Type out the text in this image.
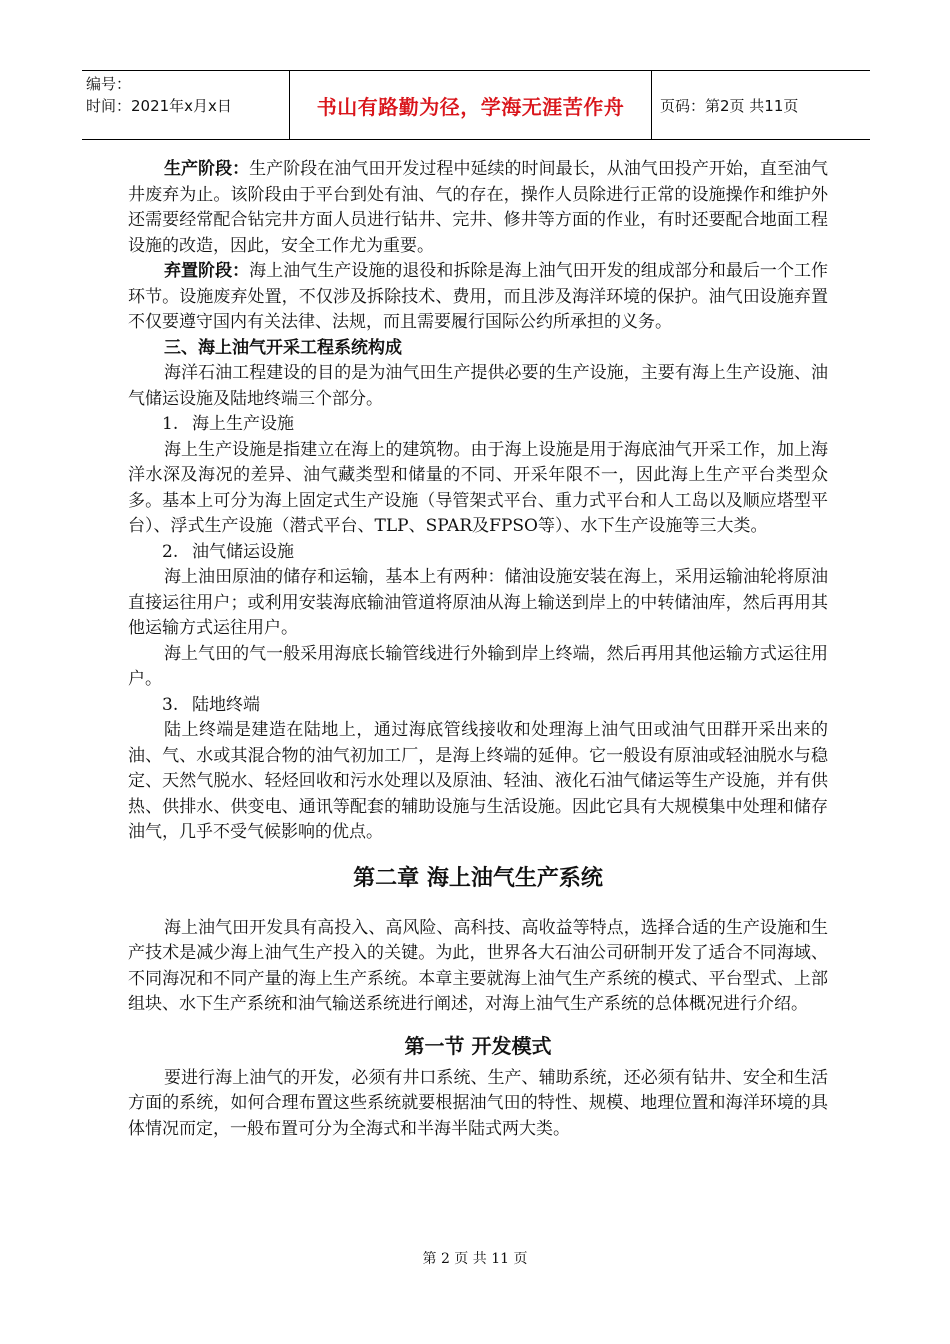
编号：
时间：2021年x月x日	书山有路勤为径，学海无涯苦作舟	页码：第2页 共11页

生产阶段：生产阶段在油气田开发过程中延续的时间最长，从油气田投产开始，直至油气井废弃为止。该阶段由于平台到处有油、气的存在，操作人员除进行正常的设施操作和维护外还需要经常配合钻完井方面人员进行钻井、完井、修井等方面的作业，有时还要配合地面工程设施的改造，因此，安全工作尤为重要。

弃置阶段：海上油气生产设施的退役和拆除是海上油气田开发的组成部分和最后一个工作环节。设施废弃处置，不仅涉及拆除技术、费用，而且涉及海洋环境的保护。油气田设施弃置不仅要遵守国内有关法律、法规，而且需要履行国际公约所承担的义务。

三、海上油气开采工程系统构成

海洋石油工程建设的目的是为油气田生产提供必要的生产设施，主要有海上生产设施、油气储运设施及陆地终端三个部分。

1. 海上生产设施

海上生产设施是指建立在海上的建筑物。由于海上设施是用于海底油气开采工作，加上海洋水深及海况的差异、油气藏类型和储量的不同、开采年限不一，因此海上生产平台类型众多。基本上可分为海上固定式生产设施（导管架式平台、重力式平台和人工岛以及顺应塔型平台）、浮式生产设施（潜式平台、TLP、SPAR及FPSO等）、水下生产设施等三大类。

2. 油气储运设施

海上油田原油的储存和运输，基本上有两种：储油设施安装在海上，采用运输油轮将原油直接运往用户；或利用安装海底输油管道将原油从海上输送到岸上的中转储油库，然后再用其他运输方式运往用户。

海上气田的气一般采用海底长输管线进行外输到岸上终端，然后再用其他运输方式运往用户。

3. 陆地终端

陆上终端是建造在陆地上，通过海底管线接收和处理海上油气田或油气田群开采出来的油、气、水或其混合物的油气初加工厂，是海上终端的延伸。它一般设有原油或轻油脱水与稳定、天然气脱水、轻烃回收和污水处理以及原油、轻油、液化石油气储运等生产设施，并有供热、供排水、供变电、通讯等配套的辅助设施与生活设施。因此它具有大规模集中处理和储存油气，几乎不受气候影响的优点。

第二章 海上油气生产系统

海上油气田开发具有高投入、高风险、高科技、高收益等特点，选择合适的生产设施和生产技术是减少海上油气生产投入的关键。为此，世界各大石油公司研制开发了适合不同海域、不同海况和不同产量的海上生产系统。本章主要就海上油气生产系统的模式、平台型式、上部组块、水下生产系统和油气输送系统进行阐述，对海上油气生产系统的总体概况进行介绍。

第一节 开发模式

要进行海上油气的开发，必须有井口系统、生产、辅助系统，还必须有钻井、安全和生活方面的系统，如何合理布置这些系统就要根据油气田的特性、规模、地理位置和海洋环境的具体情况而定，一般布置可分为全海式和半海半陆式两大类。

第 2 页 共 11 页
